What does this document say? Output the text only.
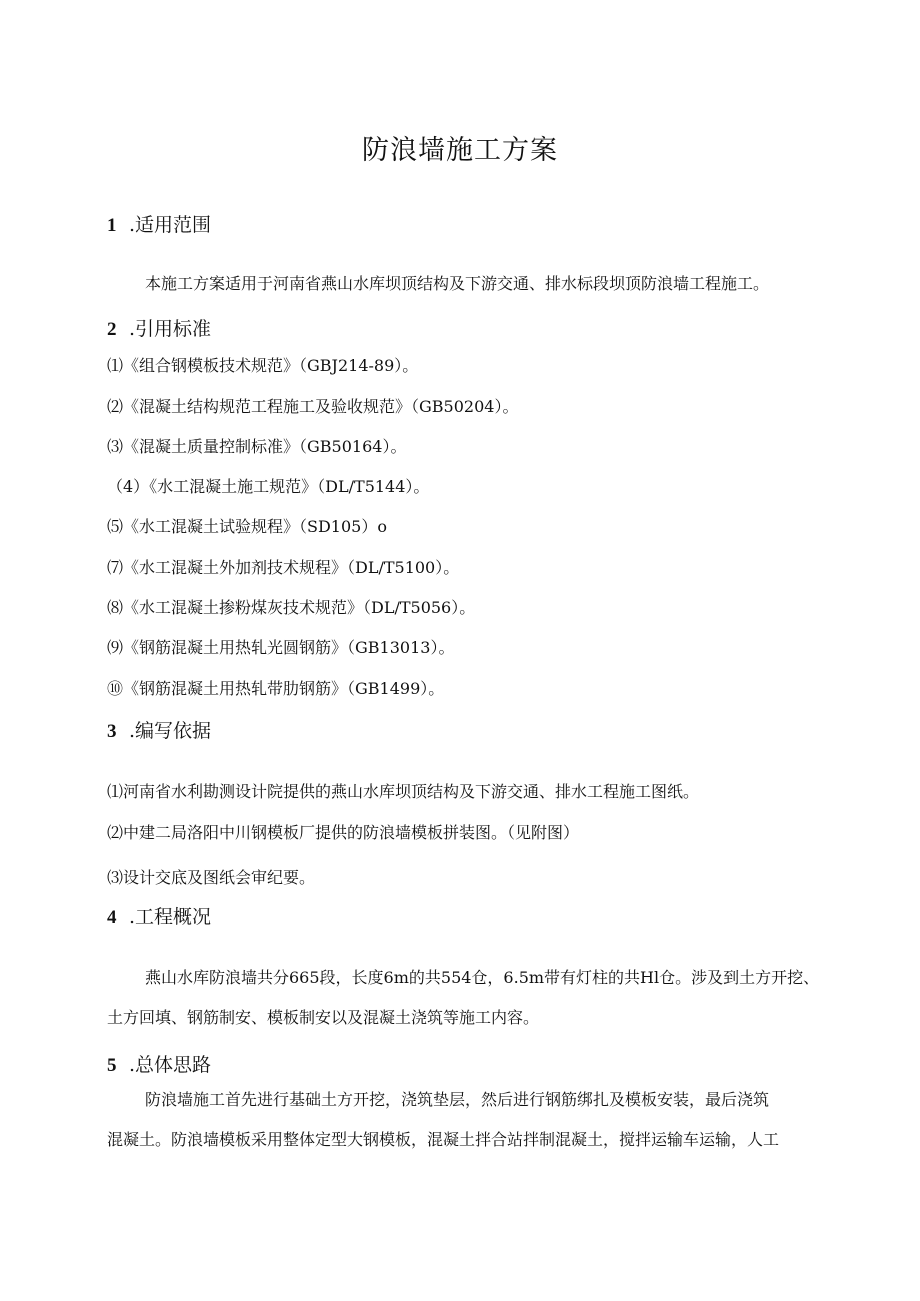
防浪墙施工方案
1 .适用范围
本施工方案适用于河南省燕山水库坝顶结构及下游交通、排水标段坝顶防浪墙工程施工。
2 .引用标准
⑴《组合钢模板技术规范》（GBJ214-89）。
⑵《混凝土结构规范工程施工及验收规范》（GB50204）。
⑶《混凝土质量控制标准》（GB50164）。
（4）《水工混凝土施工规范》（DL/T5144）。
⑸《水工混凝土试验规程》（SD105）o
⑺《水工混凝土外加剂技术规程》（DL/T5100）。
⑻《水工混凝土掺粉煤灰技术规范》（DL/T5056）。
⑼《钢筋混凝土用热轧光圆钢筋》（GB13013）。
⑩《钢筋混凝土用热轧带肋钢筋》（GB1499）。
3 .编写依据
⑴河南省水利勘测设计院提供的燕山水库坝顶结构及下游交通、排水工程施工图纸。
⑵中建二局洛阳中川钢模板厂提供的防浪墙模板拼装图。（见附图）
⑶设计交底及图纸会审纪要。
4 .工程概况
燕山水库防浪墙共分665段，长度6m的共554仓，6.5m带有灯柱的共Hl仓。涉及到土方开挖、
土方回填、钢筋制安、模板制安以及混凝土浇筑等施工内容。
5 .总体思路
防浪墙施工首先进行基础土方开挖，浇筑垫层，然后进行钢筋绑扎及模板安装，最后浇筑
混凝土。防浪墙模板采用整体定型大钢模板，混凝土拌合站拌制混凝土，搅拌运输车运输，人工
